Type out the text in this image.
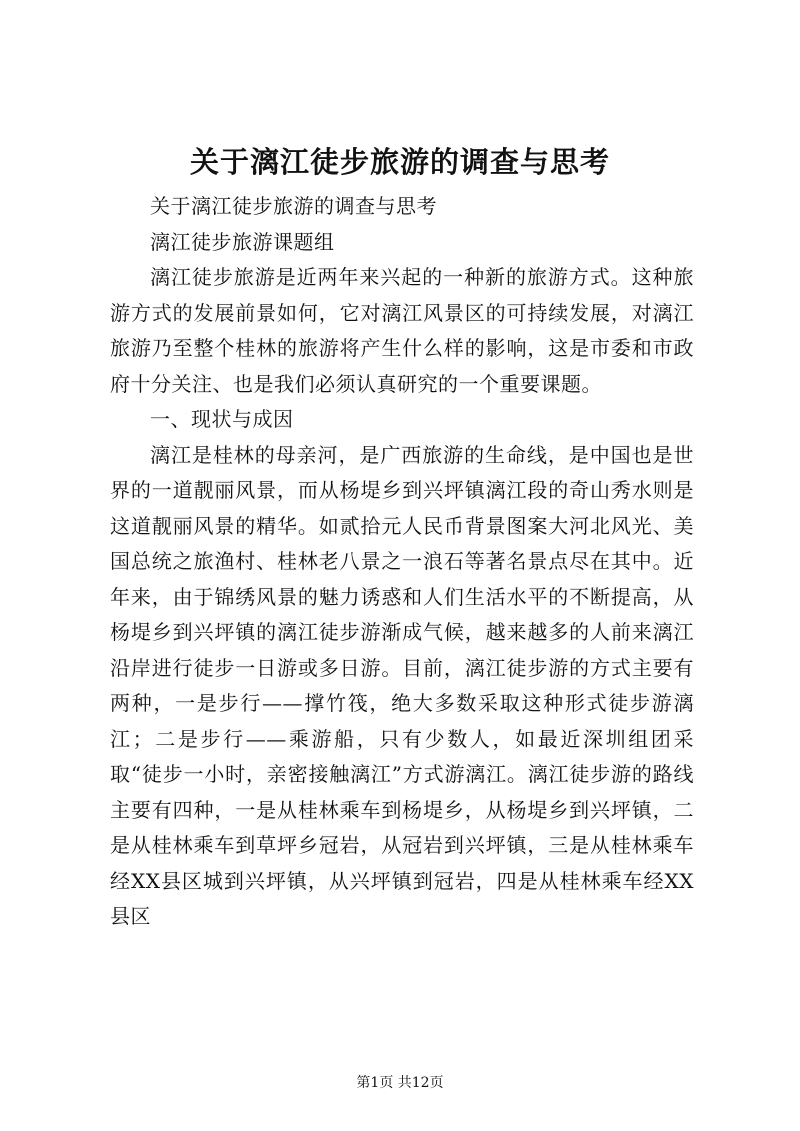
关于漓江徒步旅游的调查与思考

关于漓江徒步旅游的调查与思考

漓江徒步旅游课题组

漓江徒步旅游是近两年来兴起的一种新的旅游方式。这种旅游方式的发展前景如何，它对漓江风景区的可持续发展，对漓江旅游乃至整个桂林的旅游将产生什么样的影响，这是市委和市政府十分关注、也是我们必须认真研究的一个重要课题。

一、现状与成因

漓江是桂林的母亲河，是广西旅游的生命线，是中国也是世界的一道靓丽风景，而从杨堤乡到兴坪镇漓江段的奇山秀水则是这道靓丽风景的精华。如贰拾元人民币背景图案大河北风光、美国总统之旅渔村、桂林老八景之一浪石等著名景点尽在其中。近年来，由于锦绣风景的魅力诱惑和人们生活水平的不断提高，从杨堤乡到兴坪镇的漓江徒步游渐成气候，越来越多的人前来漓江沿岸进行徒步一日游或多日游。目前，漓江徒步游的方式主要有两种，一是步行——撑竹筏，绝大多数采取这种形式徒步游漓江；二是步行——乘游船，只有少数人，如最近深圳组团采取“徒步一小时，亲密接触漓江”方式游漓江。漓江徒步游的路线主要有四种，一是从桂林乘车到杨堤乡，从杨堤乡到兴坪镇，二是从桂林乘车到草坪乡冠岩，从冠岩到兴坪镇，三是从桂林乘车经XX县区城到兴坪镇，从兴坪镇到冠岩，四是从桂林乘车经XX县区

第1页 共12页
